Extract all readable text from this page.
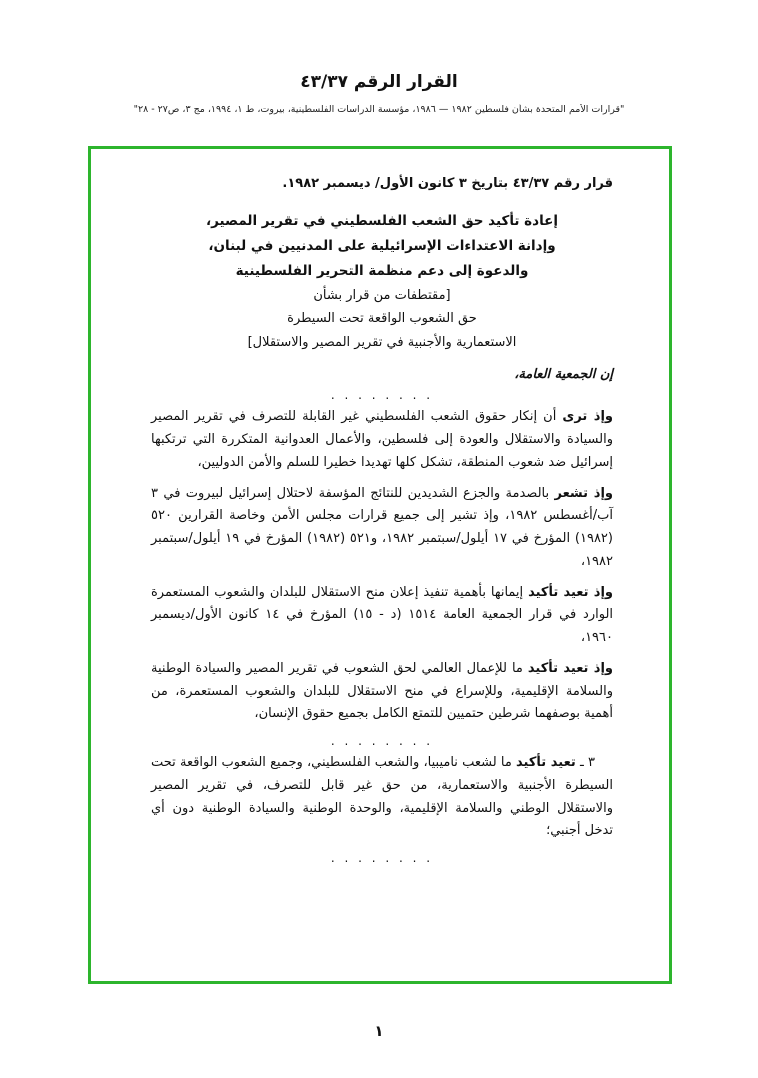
القرار الرقم ٤٣/٣٧
"قرارات الأمم المتحدة بشأن فلسطين ١٩٨٢ — ١٩٨٦، مؤسسة الدراسات الفلسطينية، بيروت، ط ١، ١٩٩٤، مج ٣، ص٢٧ - ٢٨"

قرار رقم ٤٣/٣٧ بتاريخ ٣ كانون الأول/ ديسمبر ١٩٨٢.

إعادة تأكيد حق الشعب الفلسطيني في تقرير المصير،

وإدانة الاعتداءات الإسرائيلية على المدنيين في لبنان،

والدعوة إلى دعم منظمة التحرير الفلسطينية

[مقتطفات من قرار بشأن

حق الشعوب الواقعة تحت السيطرة

الاستعمارية والأجنبية في تقرير المصير والاستقلال]

إن الجمعية العامة،

. . . . . . . .

وإذ ترى أن إنكار حقوق الشعب الفلسطيني غير القابلة للتصرف في تقرير المصير والسيادة والاستقلال والعودة إلى فلسطين، والأعمال العدوانية المتكررة التي ترتكبها إسرائيل ضد شعوب المنطقة، تشكل كلها تهديدا خطيرا للسلم والأمن الدوليين،

وإذ تشعر بالصدمة والجزع الشديدين للنتائج المؤسفة لاحتلال إسرائيل لبيروت في ٣ آب/أغسطس ١٩٨٢، وإذ تشير إلى جميع قرارات مجلس الأمن وخاصة القرارين ٥٢٠ (١٩٨٢) المؤرخ في ١٧ أيلول/سبتمبر ١٩٨٢، و٥٢١ (١٩٨٢) المؤرخ في ١٩ أيلول/سبتمبر ١٩٨٢،

وإذ تعيد تأكيد إيمانها بأهمية تنفيذ إعلان منح الاستقلال للبلدان والشعوب المستعمرة الوارد في قرار الجمعية العامة ١٥١٤ (د - ١٥) المؤرخ في ١٤ كانون الأول/ديسمبر ١٩٦٠،

وإذ تعيد تأكيد ما للإعمال العالمي لحق الشعوب في تقرير المصير والسيادة الوطنية والسلامة الإقليمية، وللإسراع في منح الاستقلال للبلدان والشعوب المستعمرة، من أهمية بوصفهما شرطين حتميين للتمتع الكامل بجميع حقوق الإنسان،

. . . . . . . .

٣ ـ تعيد تأكيد ما لشعب ناميبيا، والشعب الفلسطيني، وجميع الشعوب الواقعة تحت السيطرة الأجنبية والاستعمارية، من حق غير قابل للتصرف، في تقرير المصير والاستقلال الوطني والسلامة الإقليمية، والوحدة الوطنية والسيادة الوطنية دون أي تدخل أجنبي؛

. . . . . . . .

١
